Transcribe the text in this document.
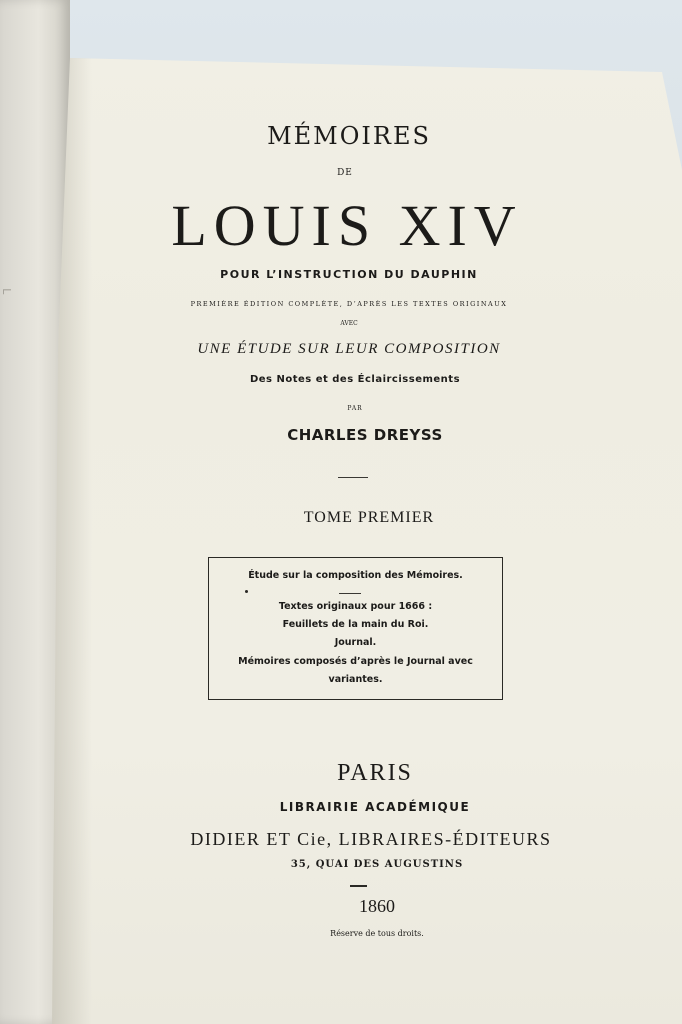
ᒣ
MÉMOIRES
DE
LOUIS XIV
POUR L’INSTRUCTION DU DAUPHIN
PREMIÈRE ÉDITION COMPLÈTE, D’APRÈS LES TEXTES ORIGINAUX
AVEC
UNE ÉTUDE SUR LEUR COMPOSITION
Des Notes et des Éclaircissements
PAR
CHARLES DREYSS
TOME PREMIER
Étude sur la composition des Mémoires.
Textes originaux pour 1666 :
Feuillets de la main du Roi.
Journal.
Mémoires composés d’après le Journal avec
variantes.
PARIS
LIBRAIRIE ACADÉMIQUE
DIDIER ET Cie, LIBRAIRES-ÉDITEURS
35, QUAI DES AUGUSTINS
1860
Réserve de tous droits.
